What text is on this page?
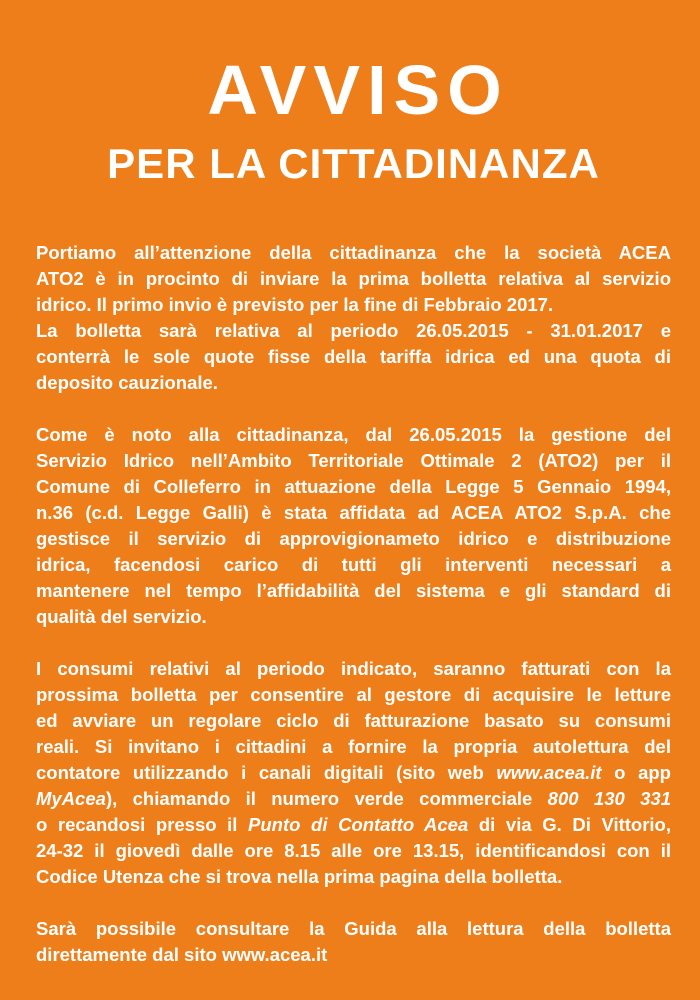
AVVISO
PER LA CITTADINANZA

Portiamo all’attenzione della cittadinanza che la società ACEA
ATO2 è in procinto di inviare la prima bolletta relativa al servizio
idrico. Il primo invio è previsto per la fine di Febbraio 2017.
La bolletta sarà relativa al periodo 26.05.2015 - 31.01.2017 e
conterrà le sole quote fisse della tariffa idrica ed una quota di
deposito cauzionale.

Come è noto alla cittadinanza, dal 26.05.2015 la gestione del
Servizio Idrico nell’Ambito Territoriale Ottimale 2 (ATO2) per il
Comune di Colleferro in attuazione della Legge 5 Gennaio 1994,
n.36 (c.d. Legge Galli) è stata affidata ad ACEA ATO2 S.p.A. che
gestisce il servizio di approvigionameto idrico e distribuzione
idrica, facendosi carico di tutti gli interventi necessari a
mantenere nel tempo l’affidabilità del sistema e gli standard di
qualità del servizio.

I consumi relativi al periodo indicato, saranno fatturati con la
prossima bolletta per consentire al gestore di acquisire le letture
ed avviare un regolare ciclo di fatturazione basato su consumi
reali. Si invitano i cittadini a fornire la propria autolettura del
contatore utilizzando i canali digitali (sito web www.acea.it o app
MyAcea), chiamando il numero verde commerciale 800 130 331
o recandosi presso il Punto di Contatto Acea di via G. Di Vittorio,
24-32 il giovedì dalle ore 8.15 alle ore 13.15, identificandosi con il
Codice Utenza che si trova nella prima pagina della bolletta.

Sarà possibile consultare la Guida alla lettura della bolletta
direttamente dal sito www.acea.it
